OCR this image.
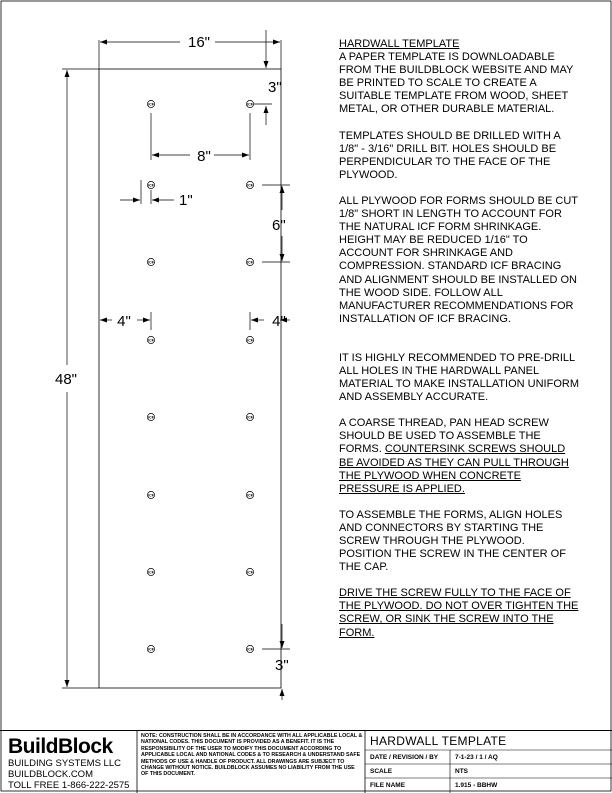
16"
48"
3"
8"
1"
6"
4"	4"
3"
ICF	ICF
ICF	ICF
ICF	ICF
ICF	ICF
ICF	ICF
ICF	ICF
ICF	ICF
ICF	ICF
HARDWALL TEMPLATE
A PAPER TEMPLATE IS DOWNLOADABLE FROM THE BUILDBLOCK WEBSITE AND MAY BE PRINTED TO SCALE TO CREATE A SUITABLE TEMPLATE FROM WOOD, SHEET METAL, OR OTHER DURABLE MATERIAL.
TEMPLATES SHOULD BE DRILLED WITH A 1/8" - 3/16" DRILL BIT. HOLES SHOULD BE PERPENDICULAR TO THE FACE OF THE PLYWOOD.
ALL PLYWOOD FOR FORMS SHOULD BE CUT 1/8" SHORT IN LENGTH TO ACCOUNT FOR THE NATURAL ICF FORM SHRINKAGE. HEIGHT MAY BE REDUCED 1/16" TO ACCOUNT FOR SHRINKAGE AND COMPRESSION. STANDARD ICF BRACING AND ALIGNMENT SHOULD BE INSTALLED ON THE WOOD SIDE. FOLLOW ALL MANUFACTURER RECOMMENDATIONS FOR INSTALLATION OF ICF BRACING.
IT IS HIGHLY RECOMMENDED TO PRE-DRILL ALL HOLES IN THE HARDWALL PANEL MATERIAL TO MAKE INSTALLATION UNIFORM AND ASSEMBLY ACCURATE.
A COARSE THREAD, PAN HEAD SCREW SHOULD BE USED TO ASSEMBLE THE FORMS. COUNTERSINK SCREWS SHOULD BE AVOIDED AS THEY CAN PULL THROUGH THE PLYWOOD WHEN CONCRETE PRESSURE IS APPLIED.
TO ASSEMBLE THE FORMS, ALIGN HOLES AND CONNECTORS BY STARTING THE SCREW THROUGH THE PLYWOOD. POSITION THE SCREW IN THE CENTER OF THE CAP.
DRIVE THE SCREW FULLY TO THE FACE OF THE PLYWOOD. DO NOT OVER TIGHTEN THE SCREW, OR SINK THE SCREW INTO THE FORM.
BuildBlock
BUILDING SYSTEMS LLC
BUILDBLOCK.COM
TOLL FREE 1-866-222-2575
NOTE: CONSTRUCTION SHALL BE IN ACCORDANCE WITH ALL APPLICABLE LOCAL & NATIONAL CODES. THIS DOCUMENT IS PROVIDED AS A BENEFIT. IT IS THE RESPONSIBILITY OF THE USER TO MODIFY THIS DOCUMENT ACCORDING TO APPLICABLE LOCAL AND NATIONAL CODES & TO RESEARCH & UNDERSTAND SAFE METHODS OF USE & HANDLE OF PRODUCT. ALL DRAWINGS ARE SUBJECT TO CHANGE WITHOUT NOTICE. BUILDBLOCK ASSUMES NO LIABILITY FROM THE USE OF THIS DOCUMENT.
HARDWALL TEMPLATE
DATE / REVISION / BY	7-1-23 / 1 / AQ
SCALE	NTS
FILE NAME	1.915 - BBHW
